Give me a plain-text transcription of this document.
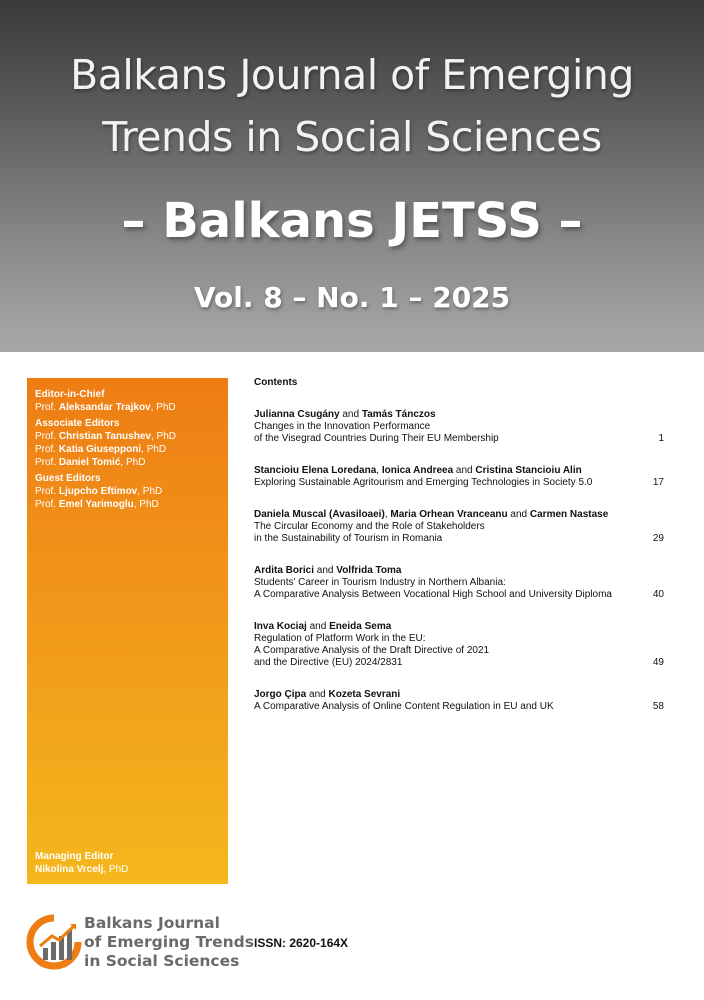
Balkans Journal of Emerging
Trends in Social Sciences
– Balkans JETSS –
Vol. 8 – No. 1 – 2025
Editor-in-Chief
Prof. Aleksandar Trajkov, PhD
Associate Editors
Prof. Christian Tanushev, PhD
Prof. Katia Giusepponi, PhD
Prof. Daniel Tomić, PhD
Guest Editors
Prof. Ljupcho Eftimov, PhD
Prof. Emel Yarimoglu, PhD
Managing Editor
Nikolina Vrcelj, PhD
Contents
Julianna Csugány and Tamás Tánczos
Changes in the Innovation Performance
of the Visegrad Countries During Their EU Membership	1
Stancioiu Elena Loredana, Ionica Andreea and Cristina Stancioiu Alin
Exploring Sustainable Agritourism and Emerging Technologies in Society 5.0	17
Daniela Muscal (Avasiloaei), Maria Orhean Vranceanu and Carmen Nastase
The Circular Economy and the Role of Stakeholders
in the Sustainability of Tourism in Romania	29
Ardita Borici and Volfrida Toma
Students’ Career in Tourism Industry in Northern Albania:
A Comparative Analysis Between Vocational High School and University Diploma	40
Inva Kociaj and Eneida Sema
Regulation of Platform Work in the EU:
A Comparative Analysis of the Draft Directive of 2021
and the Directive (EU) 2024/2831	49
Jorgo Çipa and Kozeta Sevrani
A Comparative Analysis of Online Content Regulation in EU and UK	58
Balkans Journal
of Emerging Trends
in Social Sciences
ISSN: 2620-164X
